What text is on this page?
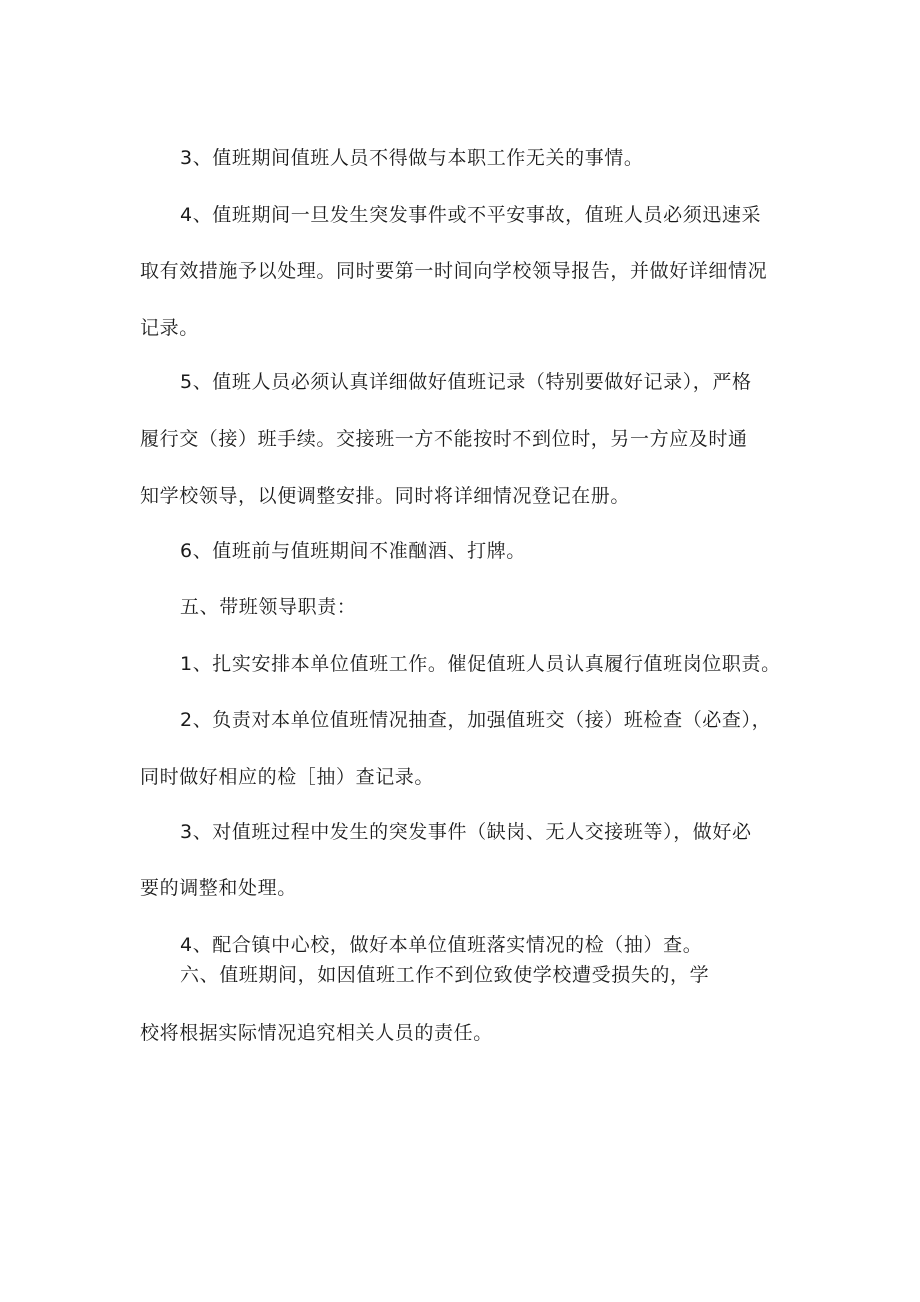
3、值班期间值班人员不得做与本职工作无关的事情。
4、值班期间一旦发生突发事件或不平安事故，值班人员必须迅速采
取有效措施予以处理。同时要第一时间向学校领导报告，并做好详细情况
记录。
5、值班人员必须认真详细做好值班记录（特别要做好记录），严格
履行交（接）班手续。交接班一方不能按时不到位时，另一方应及时通
知学校领导，以便调整安排。同时将详细情况登记在册。
6、值班前与值班期间不准酗酒、打牌。
五、带班领导职责：
1、扎实安排本单位值班工作。催促值班人员认真履行值班岗位职责。
2、负责对本单位值班情况抽查，加强值班交（接）班检查（必查），
同时做好相应的检［抽）查记录。
3、对值班过程中发生的突发事件（缺岗、无人交接班等），做好必
要的调整和处理。
4、配合镇中心校，做好本单位值班落实情况的检（抽）查。
六、值班期间，如因值班工作不到位致使学校遭受损失的，学
校将根据实际情况追究相关人员的责任。
